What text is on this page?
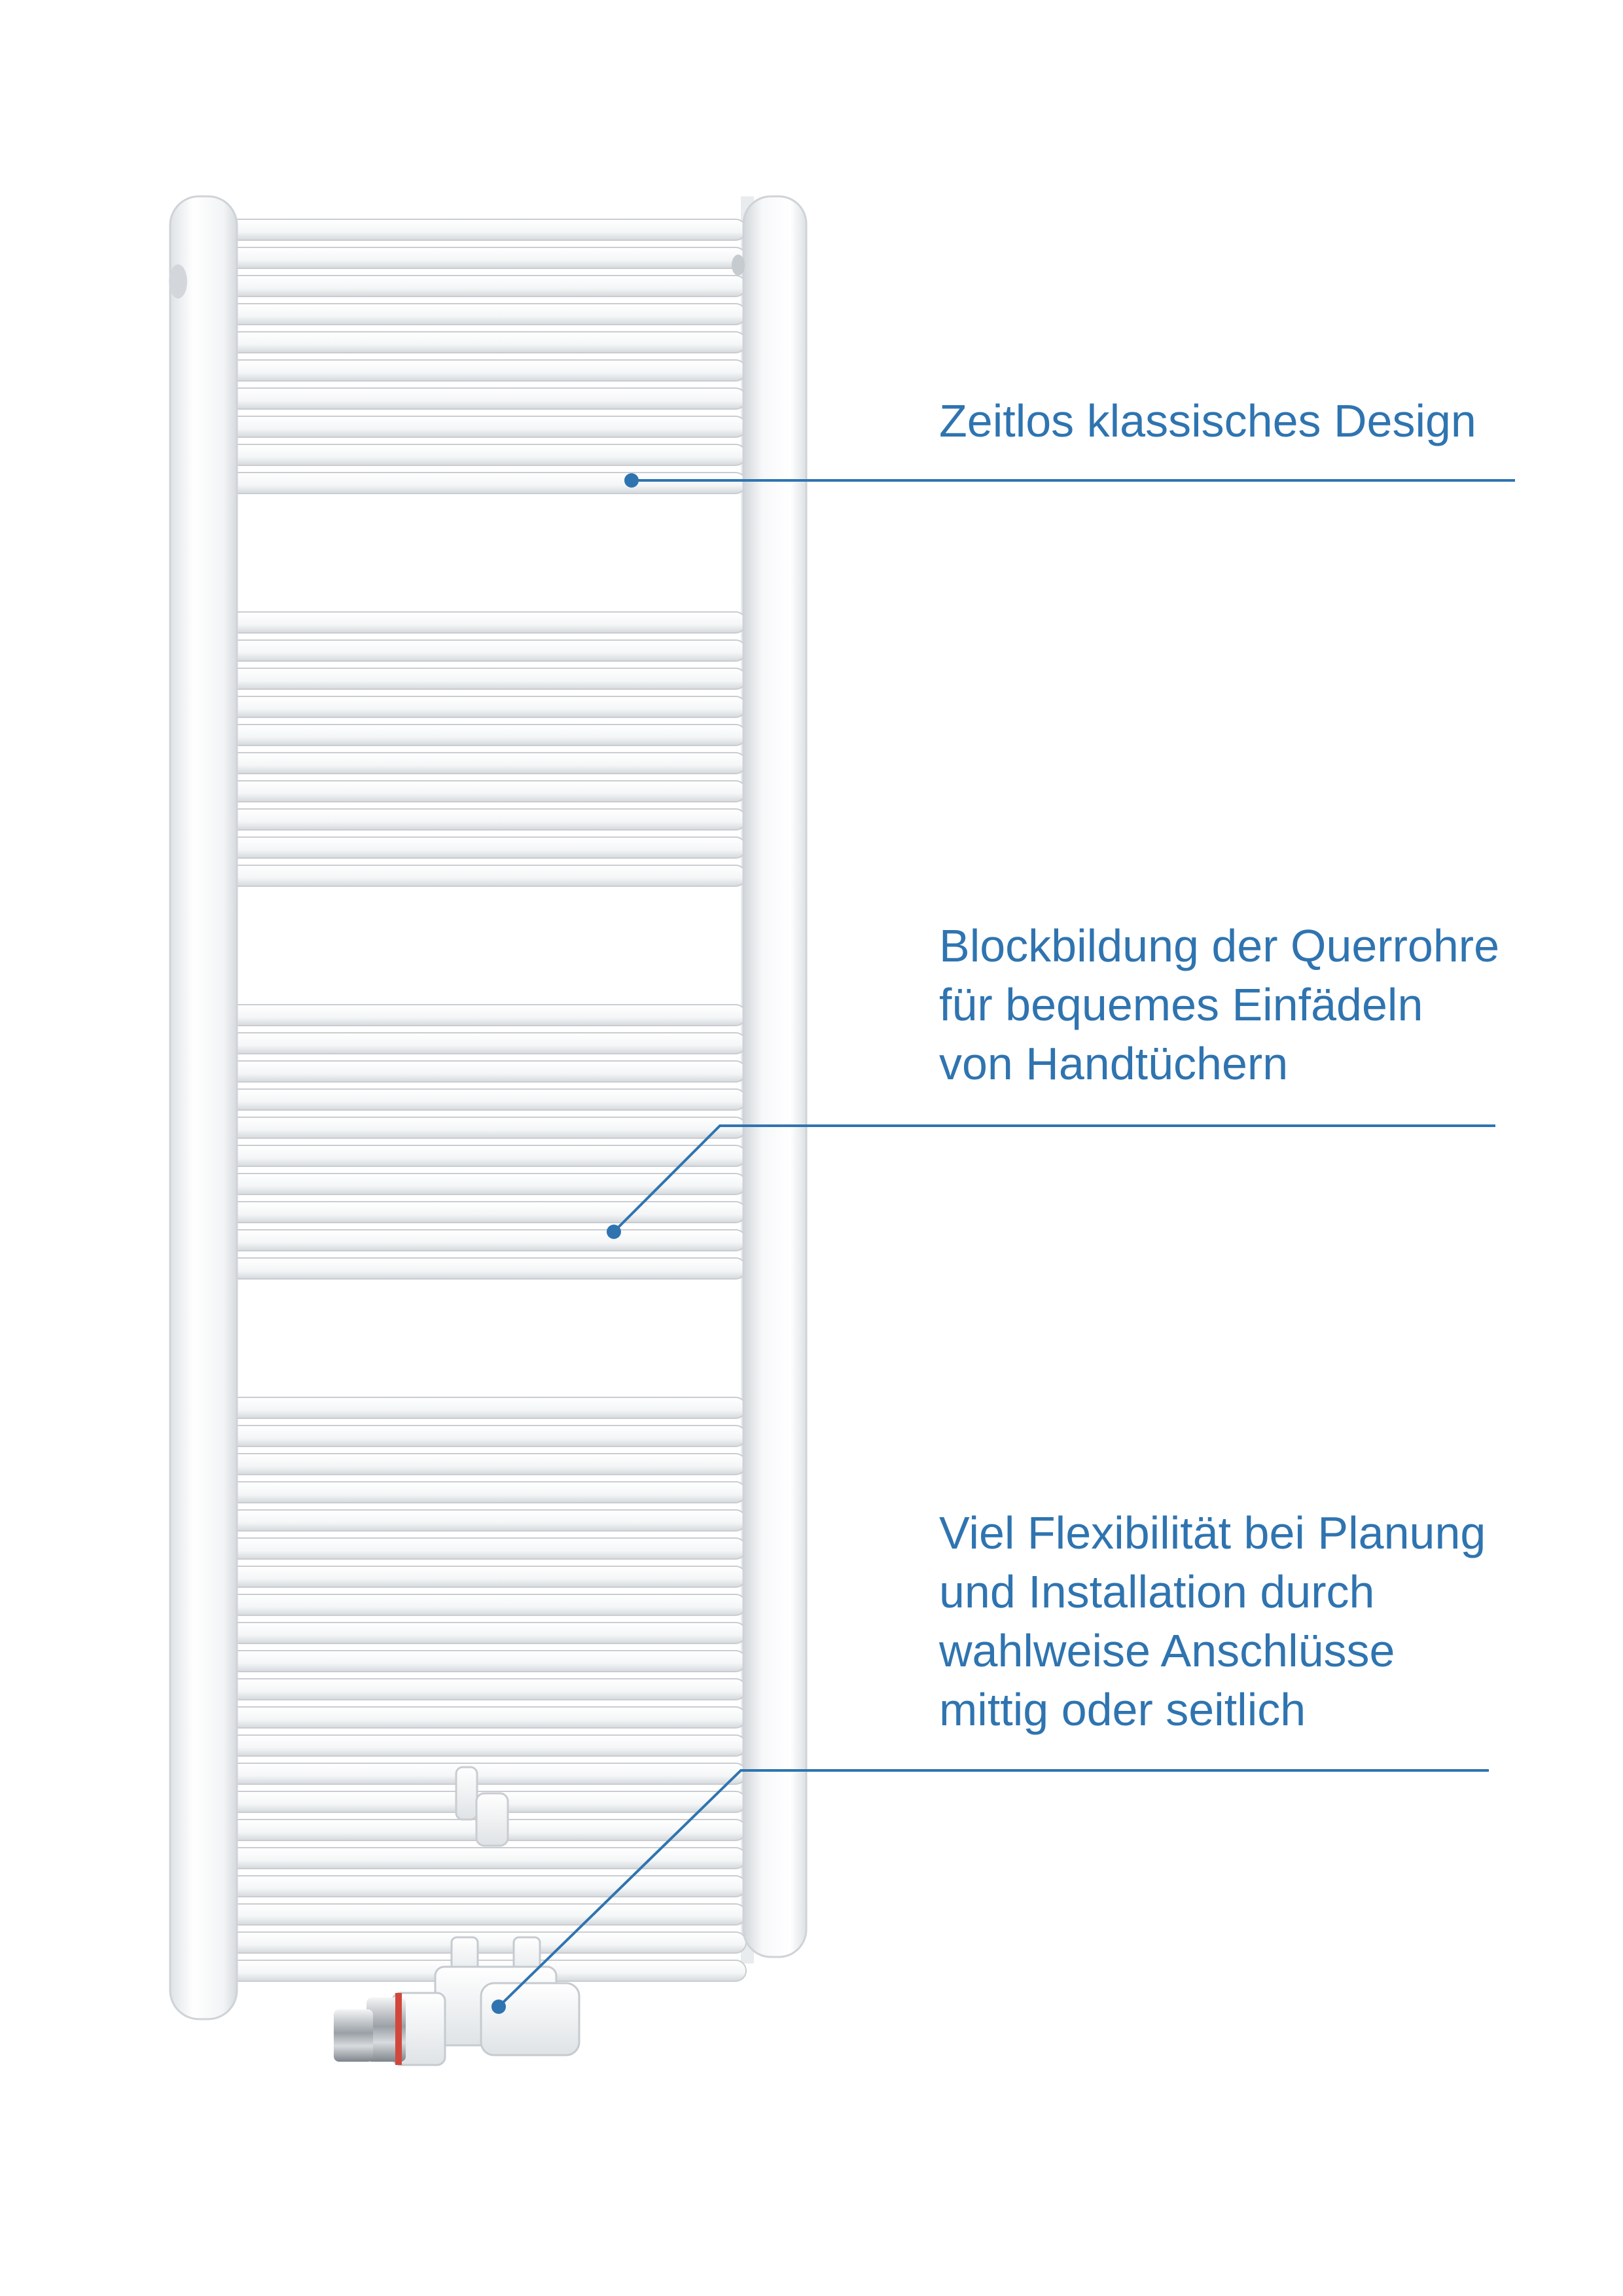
Zeitlos klassisches Design
Blockbildung der Querrohre
für bequemes Einfädeln
von Handtüchern
Viel Flexibilität bei Planung
und Installation durch
wahlweise Anschlüsse
mittig oder seitlich
